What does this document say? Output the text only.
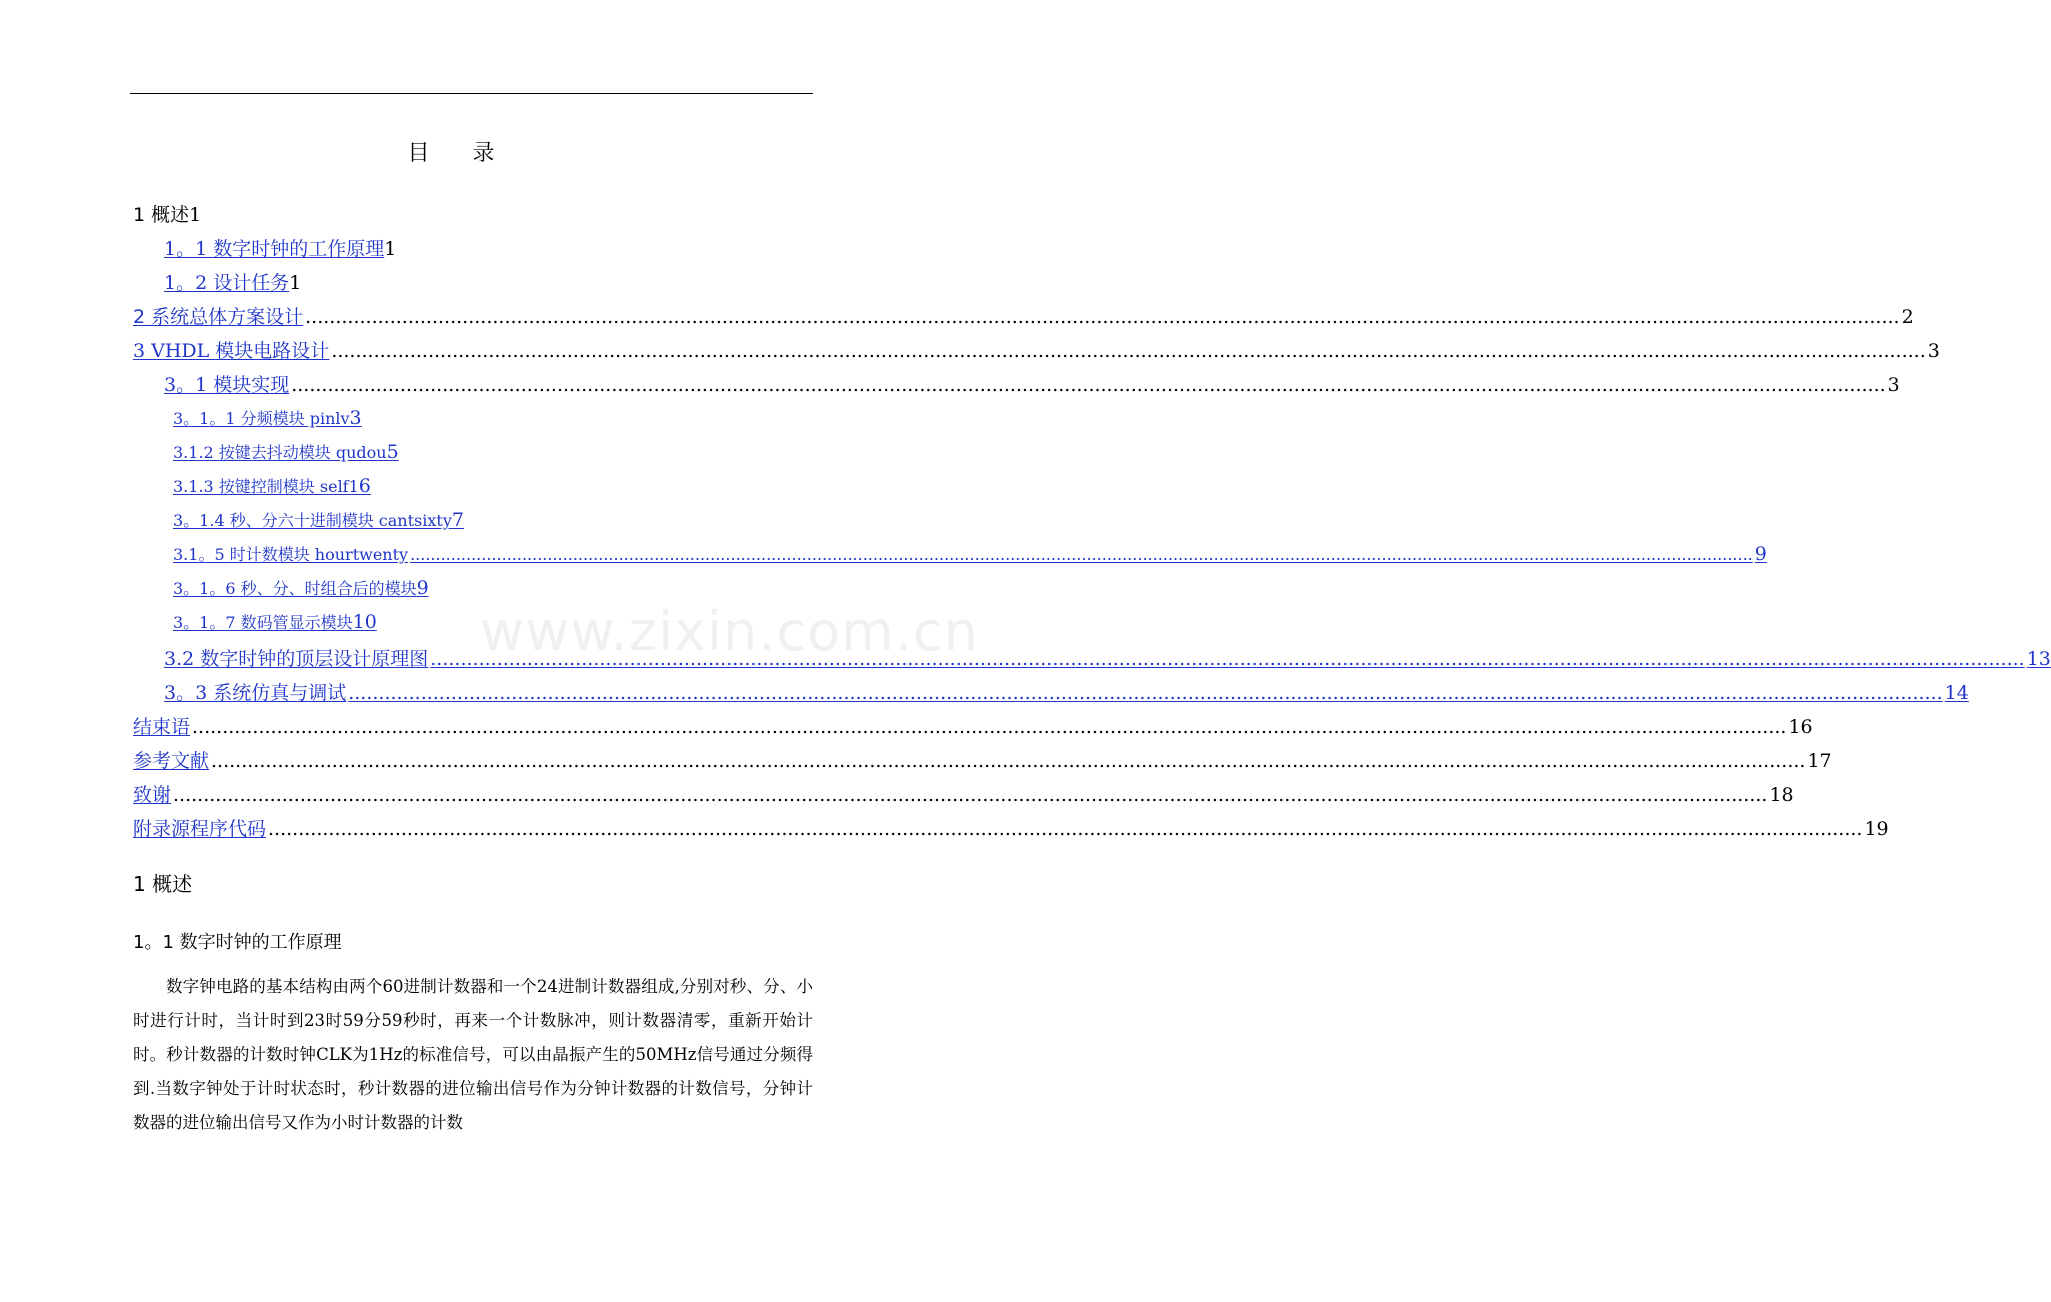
目 录
1 概述 1
1。1 数字时钟的工作原理 1
1。2 设计任务 1
2 系统总体方案设计 .....	2
3 VHDL 模块电路设计 .....	3
3。1 模块实现 .....	3
3。1。1 分频模块 pinlv 3
3.1.2 按键去抖动模块 qudou 5
3.1.3 按键控制模块 self1 6
3。1.4 秒、分六十进制模块 cantsixty 7
3.1。5 时计数模块 hourtwenty .....	9
3。1。6 秒、分、时组合后的模块 9
3。1。7 数码管显示模块 10
3.2 数字时钟的顶层设计原理图 .....	13
3。3 系统仿真与调试 .....	14
结束语 .....	16
参考文献 .....	17
致谢 .....	18
附录源程序代码 .....	19
1 概述
1。1 数字时钟的工作原理

数字钟电路的基本结构由两个60进制计数器和一个24进制计数器组成,分别对秒、分、小时进行计时，当计时到23时59分59秒时，再来一个计数脉冲，则计数器清零，重新开始计时。秒计数器的计数时钟CLK为1Hz的标准信号，可以由晶振产生的50MHz信号通过分频得到.当数字钟处于计时状态时，秒计数器的进位输出信号作为分钟计数器的计数信号，分钟计数器的进位输出信号又作为小时计数器的计数

www.zixin.com.cn
